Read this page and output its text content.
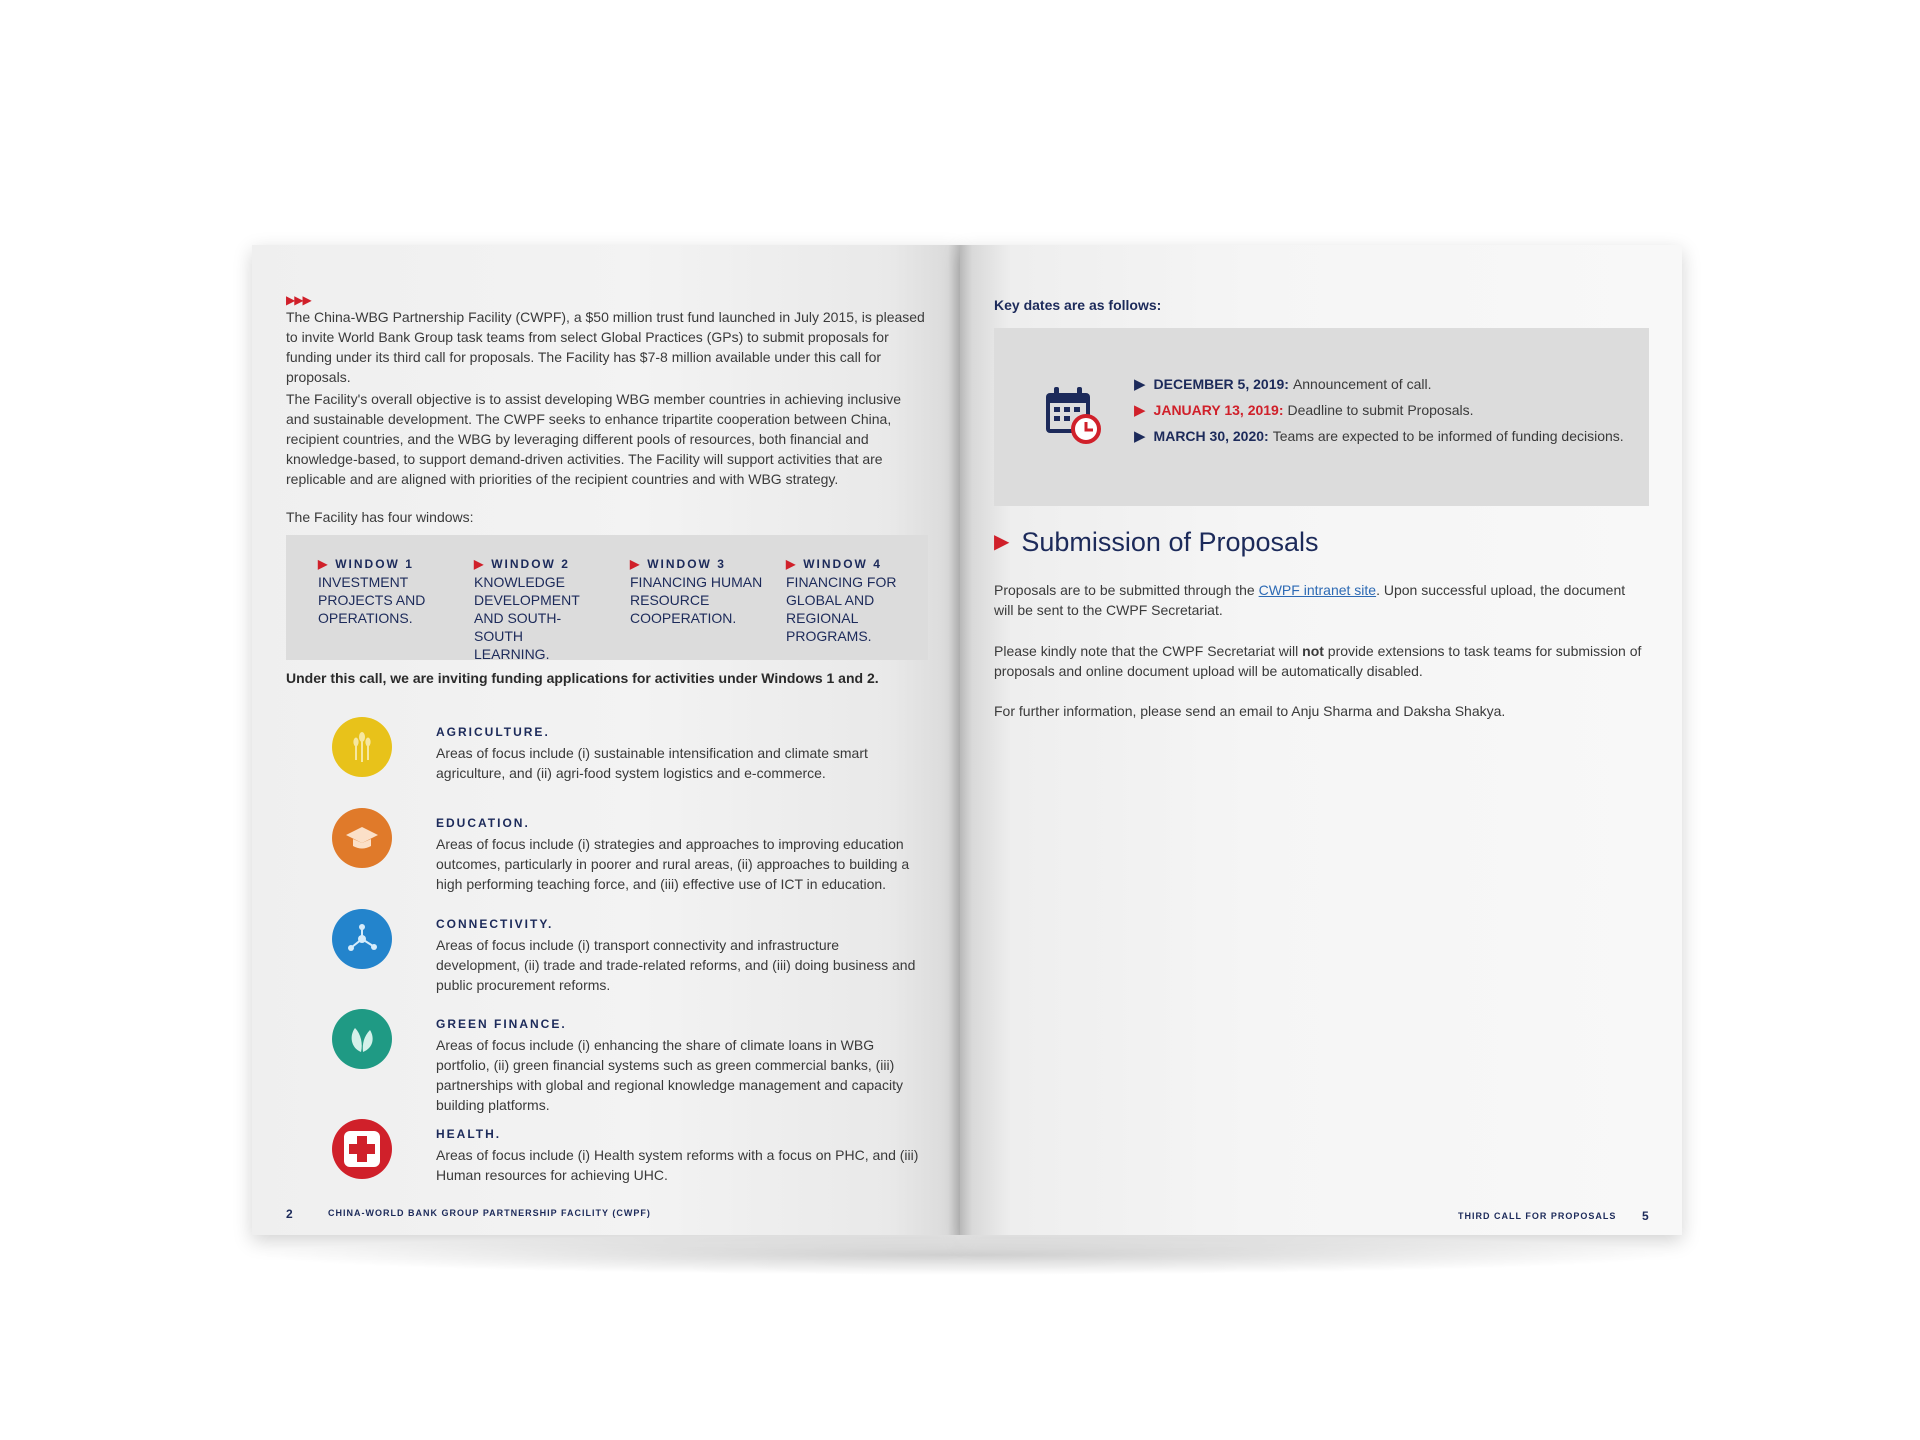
▶▶▶
The China-WBG Partnership Facility (CWPF), a $50 million trust fund launched in July 2015, is pleased to invite World Bank Group task teams from select Global Practices (GPs) to submit proposals for funding under its third call for proposals. The Facility has $7-8 million available under this call for proposals.
The Facility's overall objective is to assist developing WBG member countries in achieving inclusive and sustainable development. The CWPF seeks to enhance tripartite cooperation between China, recipient countries, and the WBG by leveraging different pools of resources, both financial and knowledge-based, to support demand-driven activities. The Facility will support activities that are replicable and are aligned with priorities of the recipient countries and with WBG strategy.
The Facility has four windows:
▶ WINDOW 1
INVESTMENT PROJECTS AND OPERATIONS.
▶ WINDOW 2
KNOWLEDGE DEVELOPMENT AND SOUTH-SOUTH LEARNING.
▶ WINDOW 3
FINANCING HUMAN RESOURCE COOPERATION.
▶ WINDOW 4
FINANCING FOR GLOBAL AND REGIONAL PROGRAMS.
Under this call, we are inviting funding applications for activities under Windows 1 and 2.
AGRICULTURE.
Areas of focus include (i) sustainable intensification and climate smart agriculture, and (ii) agri-food system logistics and e-commerce.
EDUCATION.
Areas of focus include (i) strategies and approaches to improving education outcomes, particularly in poorer and rural areas, (ii) approaches to building a high performing teaching force, and (iii) effective use of ICT in education.
CONNECTIVITY.
Areas of focus include (i) transport connectivity and infrastructure development, (ii) trade and trade-related reforms, and (iii) doing business and public procurement reforms.
GREEN FINANCE.
Areas of focus include (i) enhancing the share of climate loans in WBG portfolio, (ii) green financial systems such as green commercial banks, (iii) partnerships with global and regional knowledge management and capacity building platforms.
HEALTH.
Areas of focus include (i) Health system reforms with a focus on PHC, and (iii) Human resources for achieving UHC.
2	CHINA-WORLD BANK GROUP PARTNERSHIP FACILITY (CWPF)
Key dates are as follows:
▶ DECEMBER 5, 2019: Announcement of call.
▶ JANUARY 13, 2019: Deadline to submit Proposals.
▶ MARCH 30, 2020: Teams are expected to be informed of funding decisions.
▶ Submission of Proposals
Proposals are to be submitted through the CWPF intranet site. Upon successful upload, the document will be sent to the CWPF Secretariat.
Please kindly note that the CWPF Secretariat will not provide extensions to task teams for submission of proposals and online document upload will be automatically disabled.
For further information, please send an email to Anju Sharma and Daksha Shakya.
THIRD CALL FOR PROPOSALS 5
